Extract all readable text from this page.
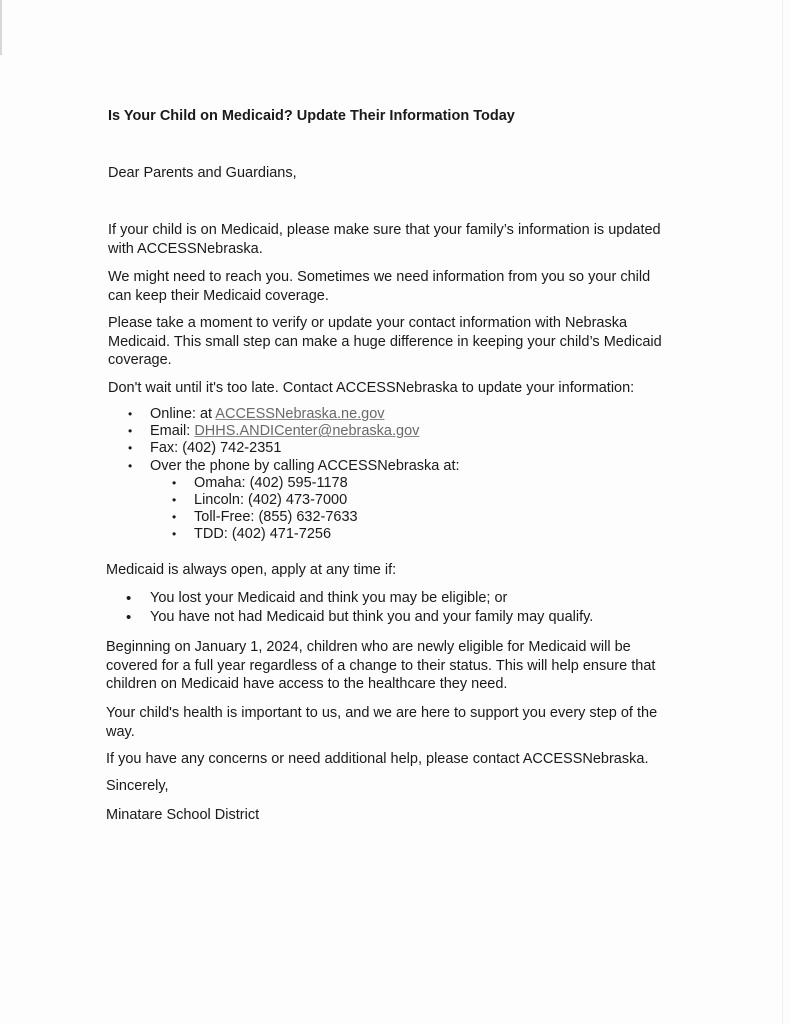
Is Your Child on Medicaid? Update Their Information Today

Dear Parents and Guardians,

If your child is on Medicaid, please make sure that your family’s information is updated with ACCESSNebraska.

We might need to reach you. Sometimes we need information from you so your child can keep their Medicaid coverage.

Please take a moment to verify or update your contact information with Nebraska Medicaid. This small step can make a huge difference in keeping your child’s Medicaid coverage.

Don't wait until it's too late. Contact ACCESSNebraska to update your information:

• Online: at ACCESSNebraska.ne.gov
• Email: DHHS.ANDICenter@nebraska.gov
• Fax: (402) 742-2351
• Over the phone by calling ACCESSNebraska at:
• Omaha: (402) 595-1178
• Lincoln: (402) 473-7000
• Toll-Free: (855) 632-7633
• TDD: (402) 471-7256

Medicaid is always open, apply at any time if:

• You lost your Medicaid and think you may be eligible; or
• You have not had Medicaid but think you and your family may qualify.

Beginning on January 1, 2024, children who are newly eligible for Medicaid will be covered for a full year regardless of a change to their status. This will help ensure that children on Medicaid have access to the healthcare they need.

Your child's health is important to us, and we are here to support you every step of the way.

If you have any concerns or need additional help, please contact ACCESSNebraska.

Sincerely,

Minatare School District
